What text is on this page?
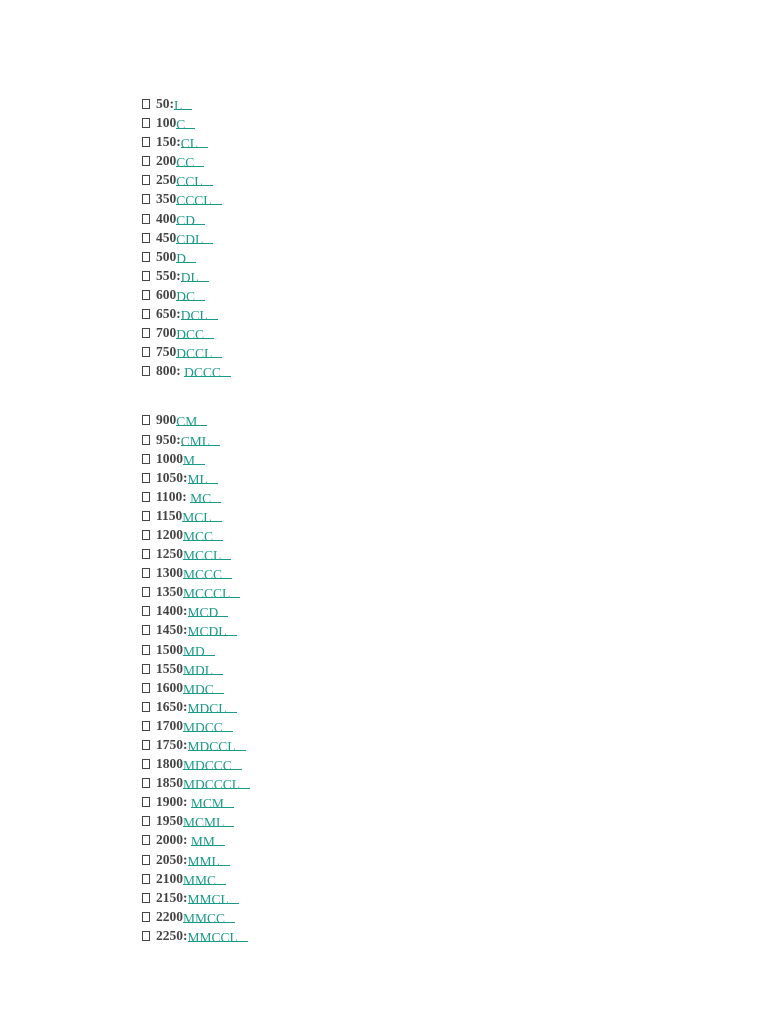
50:L
100C
150:CL
200CC
250CCL
350CCCL
400CD
450CDL
500D
550:DL
600DC
650:DCL
700DCC
750DCCL
800: DCCC
900CM
950:CML
1000M
1050:ML
1100: MC
1150MCL
1200MCC
1250MCCL
1300MCCC
1350MCCCL
1400:MCD
1450:MCDL
1500MD
1550MDL
1600MDC
1650:MDCL
1700MDCC
1750:MDCCL
1800MDCCC
1850MDCCCL
1900: MCM
1950MCML
2000: MM
2050:MML
2100MMC
2150:MMCL
2200MMCC
2250:MMCCL
